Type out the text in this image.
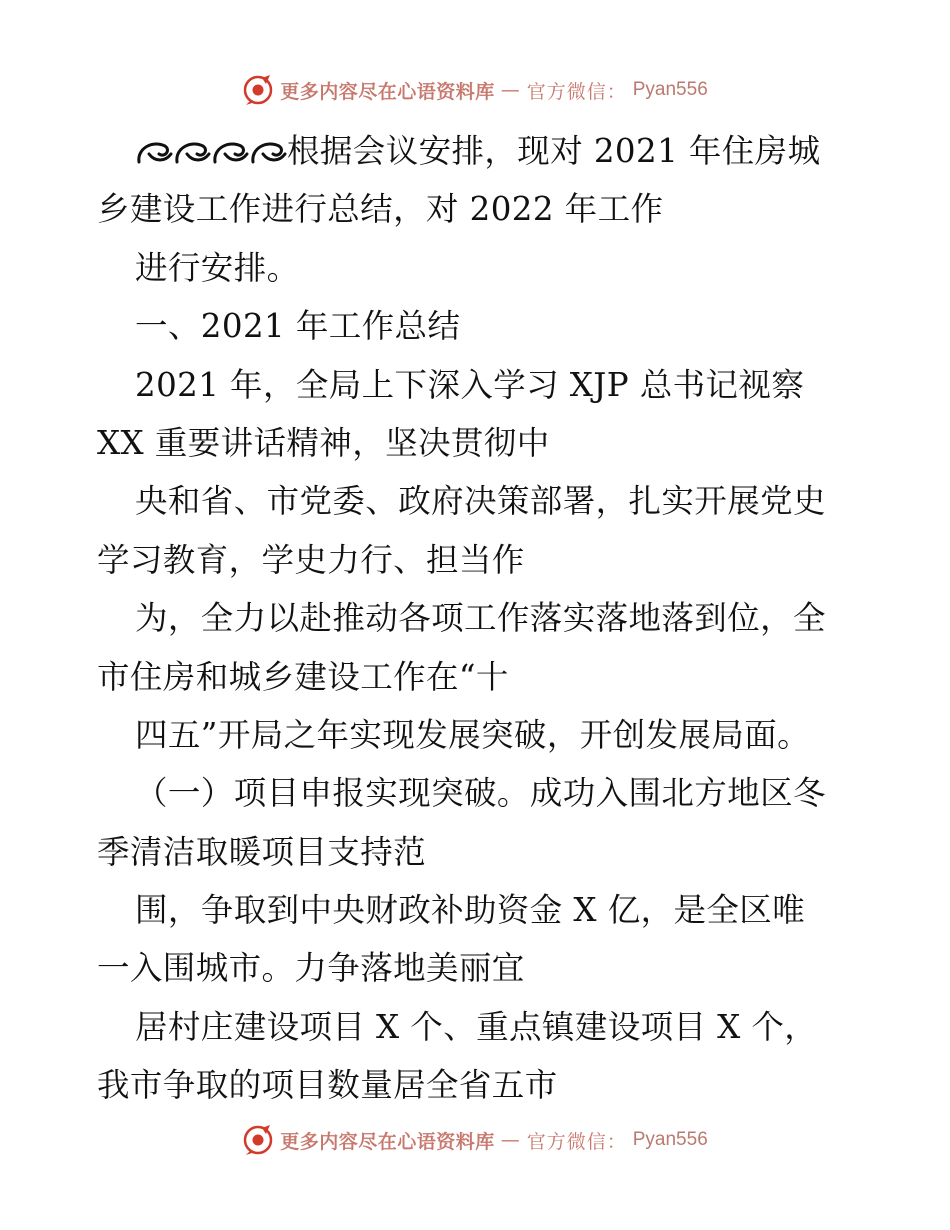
更多内容尽在心语资料库 — 官方微信： Pyan556
根据会议安排，现对 2021 年住房城
乡建设工作进行总结，对 2022 年工作
进行安排。
一、2021 年工作总结
2021 年，全局上下深入学习 XJP 总书记视察
XX 重要讲话精神，坚决贯彻中
央和省、市党委、政府决策部署，扎实开展党史
学习教育，学史力行、担当作
为，全力以赴推动各项工作落实落地落到位，全
市住房和城乡建设工作在“十
四五”开局之年实现发展突破，开创发展局面。
（一）项目申报实现突破。成功入围北方地区冬
季清洁取暖项目支持范
围，争取到中央财政补助资金 X 亿，是全区唯
一入围城市。力争落地美丽宜
居村庄建设项目 X 个、重点镇建设项目 X 个，
我市争取的项目数量居全省五市
更多内容尽在心语资料库 — 官方微信： Pyan556
